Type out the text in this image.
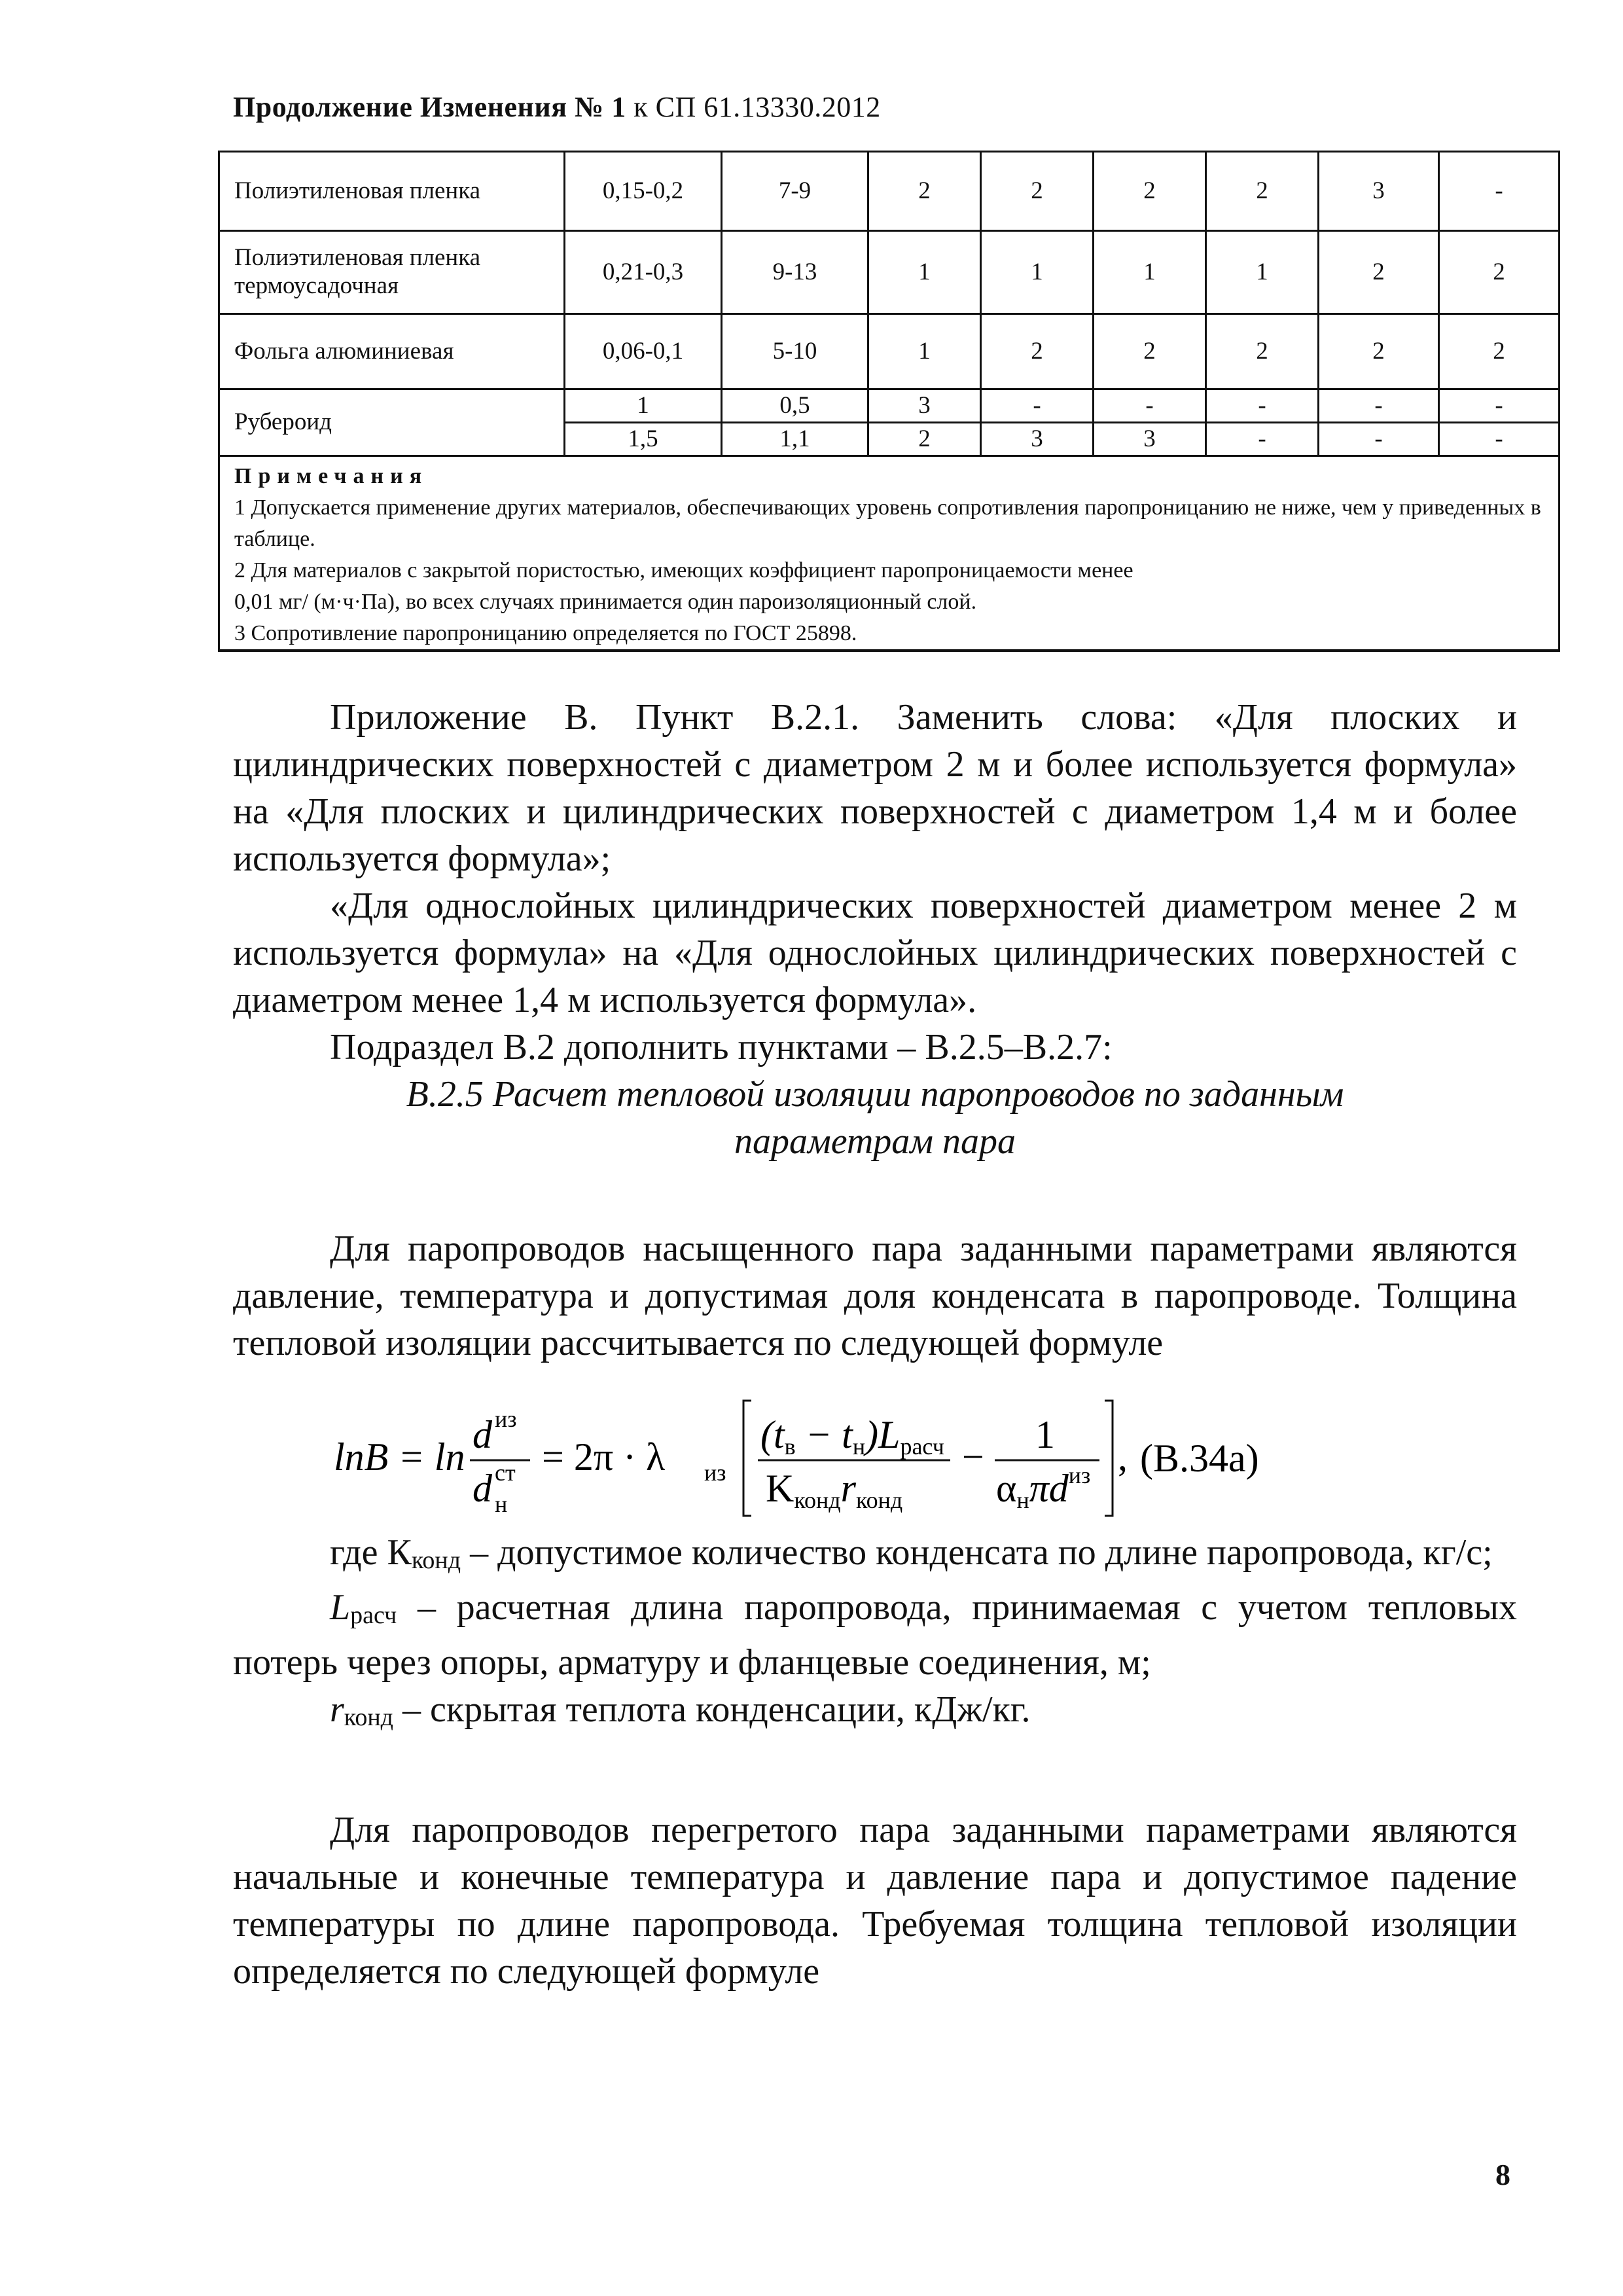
Продолжение Изменения № 1 к СП 61.13330.2012
Полиэтиленовая пленка	0,15-0,2	7-9	2	2	2	2	3	-
Полиэтиленовая пленка термоусадочная	0,21-0,3	9-13	1	1	1	1	2	2
Фольга алюминиевая	0,06-0,1	5-10	1	2	2	2	2	2
Рубероид	1	0,5	3	-	-	-	-	-
	1,5	1,1	2	3	3	-	-	-

Примечания

1 Допускается применение других материалов, обеспечивающих уровень сопротивления паропроницанию не ниже, чем у приведенных в таблице.

2 Для материалов с закрытой пористостью, имеющих коэффициент паропроницаемости менее

0,01 мг/ (м·ч·Па), во всех случаях принимается один пароизоляционный слой.

3 Сопротивление паропроницанию определяется по ГОСТ 25898.								

Приложение В. Пункт В.2.1. Заменить слова: «Для плоских и цилиндрических поверхностей с диаметром 2 м и более используется формула» на «Для плоских и цилиндрических поверхностей с диаметром 1,4 м и более используется формула»;

«Для однослойных цилиндрических поверхностей диаметром менее 2 м используется формула» на «Для однослойных цилиндрических поверхностей с диаметром менее 1,4 м используется формула».

Подраздел В.2 дополнить пунктами – В.2.5–В.2.7:

В.2.5 Расчет тепловой изоляции паропроводов по заданным

параметрам пара

Для паропроводов насыщенного пара заданными параметрами являются давление, температура и допустимая доля конденсата в паропроводе. Толщина тепловой изоляции рассчитывается по следующей формуле

lnB = ln
d из
d ст
н
= 2π · λ из
(tв − tн)Lрасч
Kкондrконд
−
1
αнπd$^{из}$ , (В.34а)

где $К_{конд}$ – допустимое количество конденсата по длине паропровода, кг/с;

$L_{расч}$ – расчетная длина паропровода, принимаемая с учетом тепловых потерь через опоры, арматуру и фланцевые соединения, м;

$r_{конд}$ – скрытая теплота конденсации, кДж/кг.

Для паропроводов перегретого пара заданными параметрами являются начальные и конечные температура и давление пара и допустимое падение температуры по длине паропровода. Требуемая толщина тепловой изоляции определяется по следующей формуле

8
